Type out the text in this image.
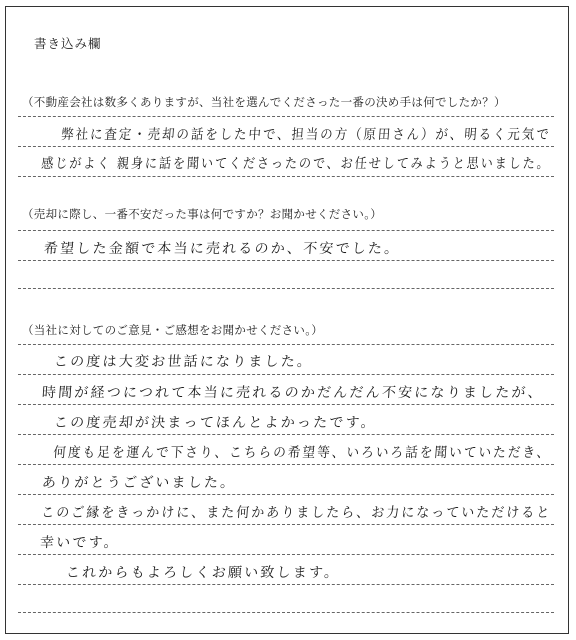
書き込み欄
（不動産会社は数多くありますが、当社を選んでくださった一番の決め手は何でしたか？）
弊社に査定・売却の話をした中で、担当の方（原田さん）が、明るく元気で
感じがよく 親身に話を聞いてくださったので、お任せしてみようと思いました。
（売却に際し、一番不安だった事は何ですか？お聞かせください。）
希望した金額で本当に売れるのか、不安でした。
（当社に対してのご意見・ご感想をお聞かせください。）
この度は大変お世話になりました。
時間が経つにつれて本当に売れるのかだんだん不安になりましたが、
この度売却が決まってほんとよかったです。
何度も足を運んで下さり、こちらの希望等、いろいろ話を聞いていただき、
ありがとうございました。
このご縁をきっかけに、また何かありましたら、お力になっていただけると
幸いです。
これからもよろしくお願い致します。
